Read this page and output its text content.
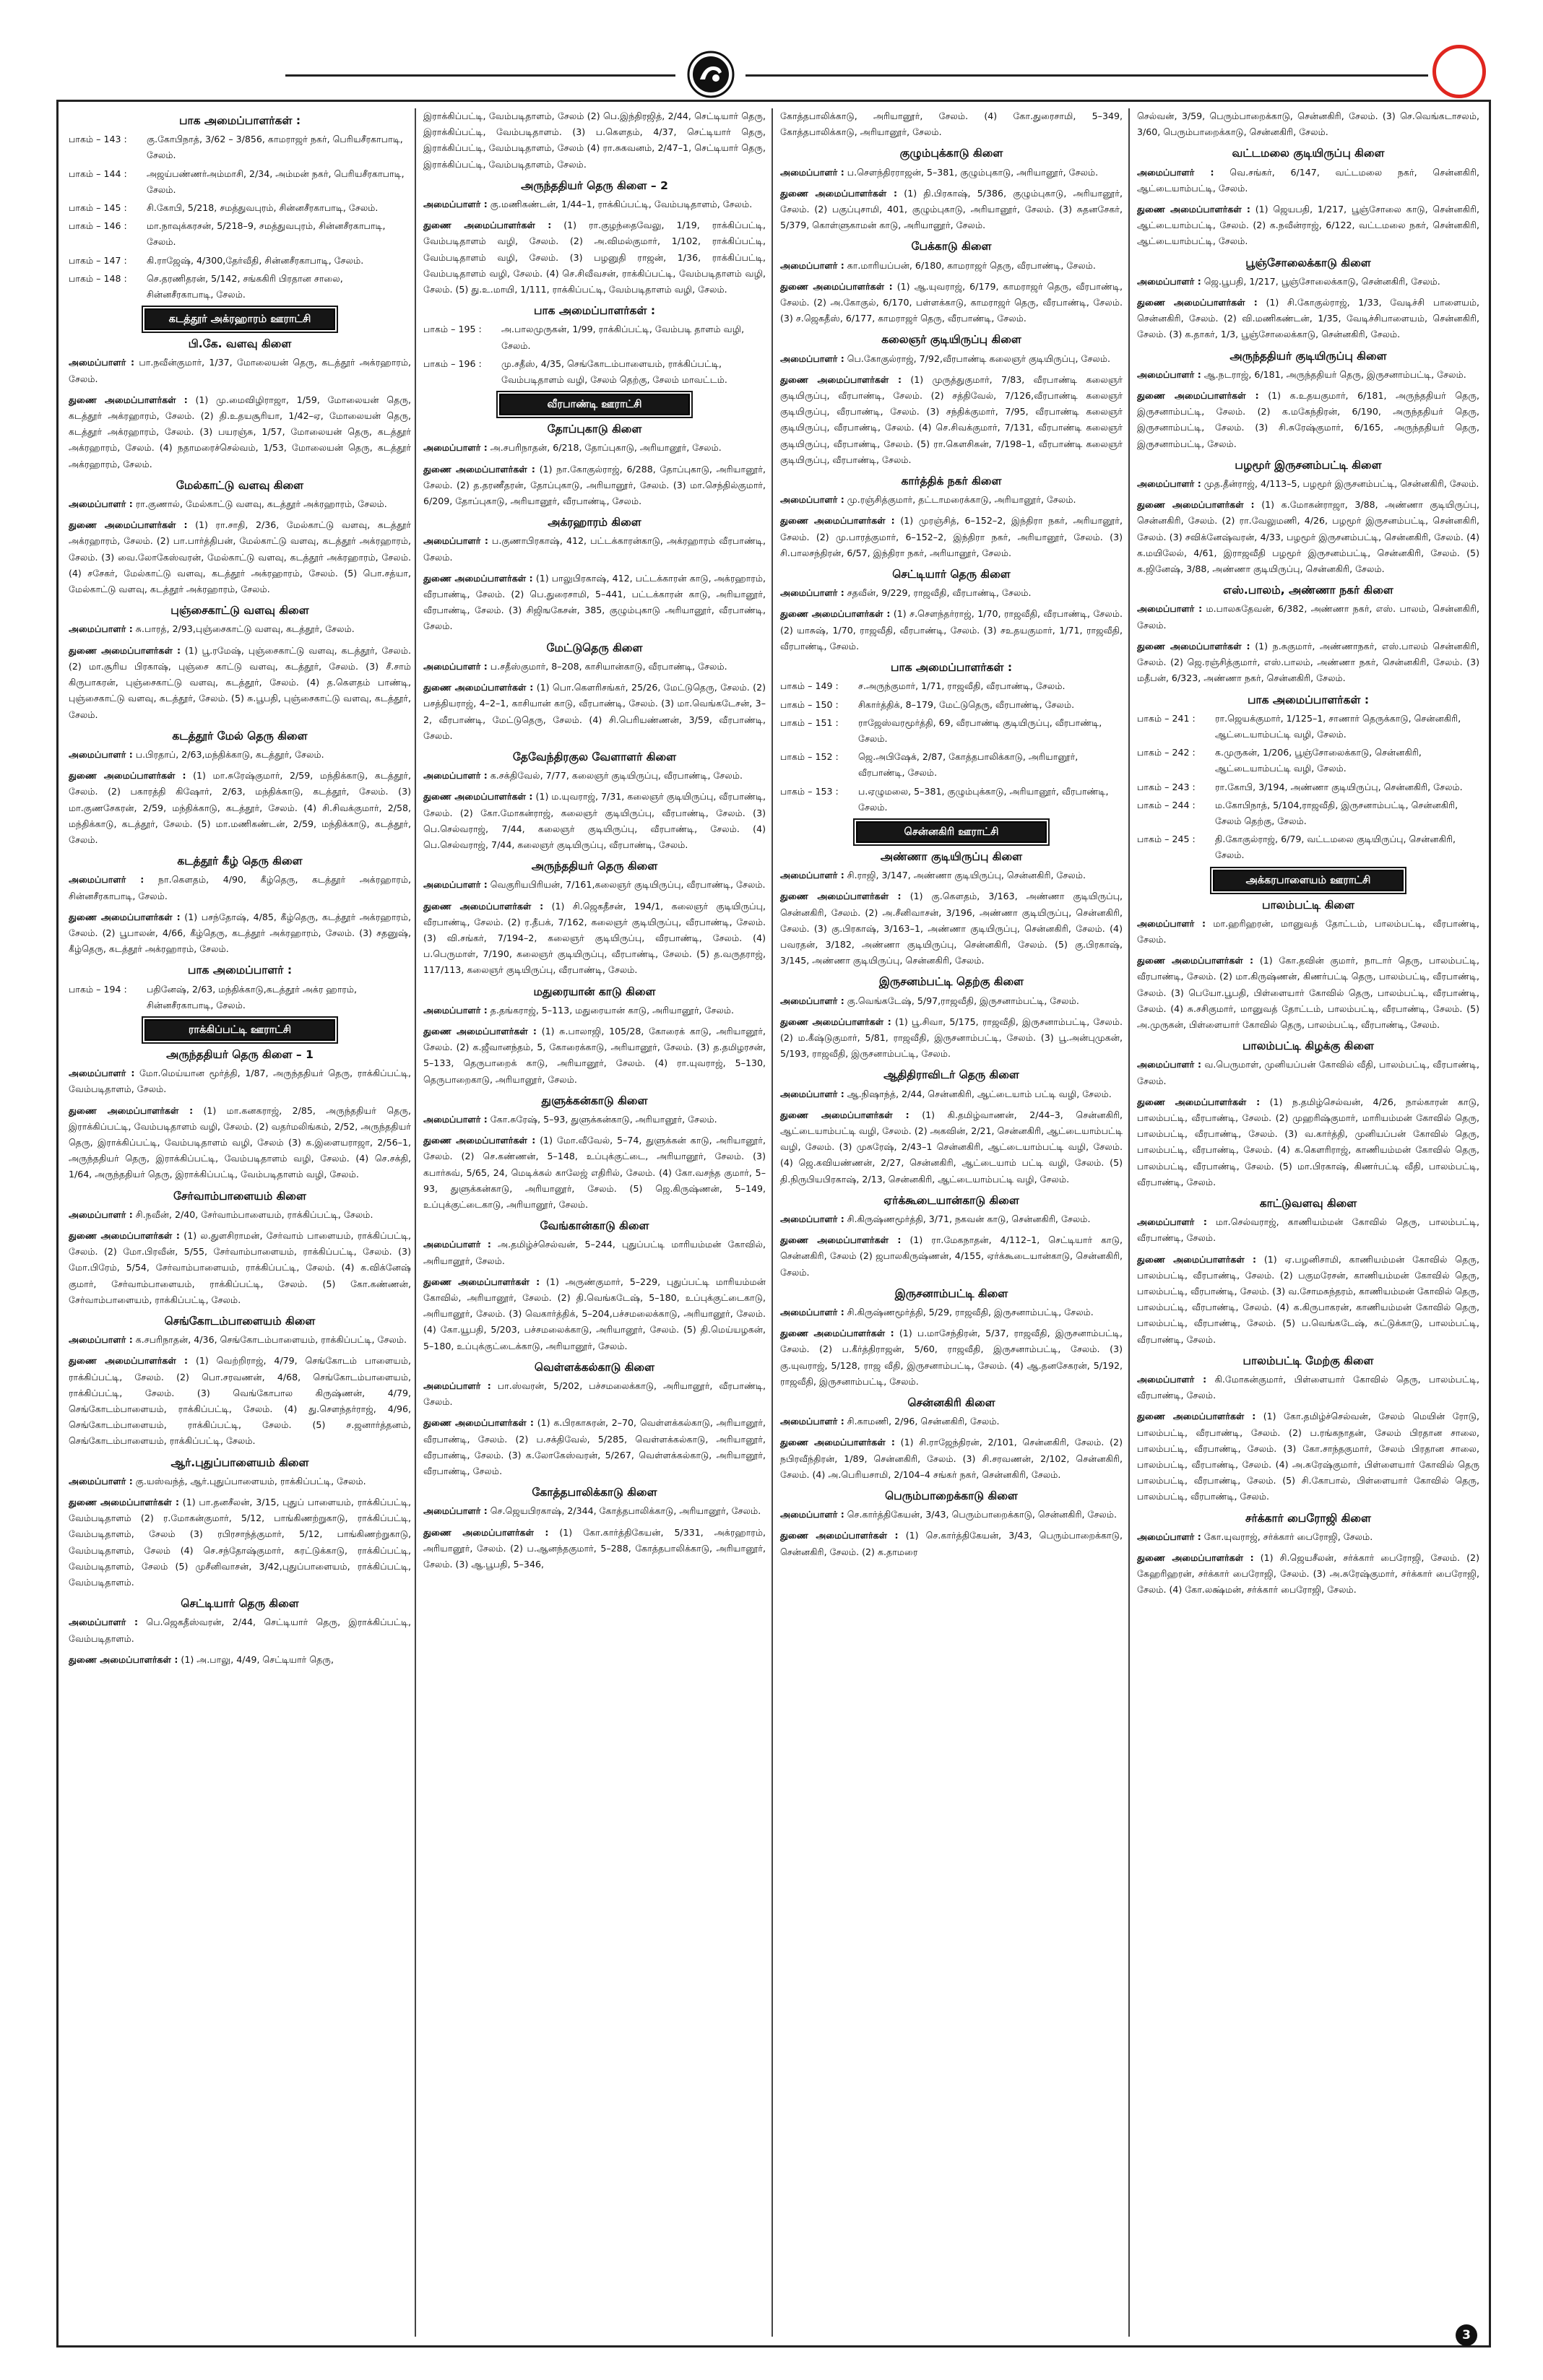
பாக அமைப்பாளர்கள் :
பாகம் – 143 :	கு.கோபிநாத், 3/62 – 3/856, காமராஜர் நகர், பெரியசீரகாபாடி, சேலம்.
பாகம் – 144 :	அஜய்பண்ணர்அம்மாசி, 2/34, அம்மன் நகர், பெரியசீரகாபாடி, சேலம்.
பாகம் – 145 :	சி.கோபி, 5/218, சமத்துவபுரம், சின்னசீரகாபாடி, சேலம்.
பாகம் – 146 :	மா.நாவுக்கரசன், 5/218–9, சமத்துவபுரம், சின்னசீரகாபாடி, சேலம்.
பாகம் – 147 :	கி.ராஜேஷ், 4/300,தேர்வீதி, சின்னசீரகாபாடி, சேலம்.
பாகம் – 148 :	செ.தரணிதரன், 5/142, சங்ககிரி பிரதான சாலை, சின்னசீரகாபாடி, சேலம்.
கடத்தூர் அக்ரஹாரம் ஊராட்சி
பி.கே. வளவு கிளை
அமைப்பாளர் : பா.நவீன்குமார், 1/37, மோலையன் தெரு, கடத்தூர் அக்ரஹாரம், சேலம்.
துணை அமைப்பாளர்கள் : (1) மு.மைவிழிராஜா, 1/59, மோலையன் தெரு, கடத்தூர் அக்ரஹாரம், சேலம். (2) தி.உதயசூரியா, 1/42–ஏ, மோலையன் தெரு, கடத்தூர் அக்ரஹாரம், சேலம். (3) பயரஞ்சு, 1/57, மோலையன் தெரு, கடத்தூர் அக்ரஹாரம், சேலம். (4) நதாமரைச்செல்வம், 1/53, மோலையன் தெரு, கடத்தூர் அக்ரஹாரம், சேலம்.
மேல்காட்டு வளவு கிளை
அமைப்பாளர் : ரா.குணால், மேல்காட்டு வளவு, கடத்தூர் அக்ரஹாரம், சேலம்.
துணை அமைப்பாளர்கள் : (1) ரா.சாதி, 2/36, மேல்காட்டு வளவு, கடத்தூர் அக்ரஹாரம், சேலம். (2) பா.பார்த்திபன், மேல்காட்டு வளவு, கடத்தூர் அக்ரஹாரம், சேலம். (3) வை.லோகேஸ்வரன், மேல்காட்டு வளவு, கடத்தூர் அக்ரஹாரம், சேலம். (4) சசேகர், மேல்காட்டு வளவு, கடத்தூர் அக்ரஹாரம், சேலம். (5) பொ.சத்யா, மேல்காட்டு வளவு, கடத்தூர் அக்ரஹாரம், சேலம்.
புஞ்சைகாட்டு வளவு கிளை
அமைப்பாளர் : சு.பாரத், 2/93,புஞ்சைகாட்டு வளவு, கடத்தூர், சேலம்.
துணை அமைப்பாளர்கள் : (1) பூ.ரமேஷ், புஞ்சைகாட்டு வளவு, கடத்தூர், சேலம். (2) மா.சூரிய பிரகாஷ், புஞ்சை காட்டு வளவு, கடத்தூர், சேலம். (3) சீ.சாம் கிருபாகரன், புஞ்சைகாட்டு வளவு, கடத்தூர், சேலம். (4) த.கௌதம் பாண்டி, புஞ்சைகாட்டு வளவு, கடத்தூர், சேலம். (5) சு.பூபதி, புஞ்சைகாட்டு வளவு, கடத்தூர், சேலம்.
கடத்தூர் மேல் தெரு கிளை
அமைப்பாளர் : ப.பிரதாப், 2/63,மந்திக்காடு, கடத்தூர், சேலம்.
துணை அமைப்பாளர்கள் : (1) மா.சுரேஷ்குமார், 2/59, மந்திக்காடு, கடத்தூர், சேலம். (2) பகாரத்தி கிஷோர், 2/63, மந்திக்காடு, கடத்தூர், சேலம். (3) மா.குணசேகரன், 2/59, மந்திக்காடு, கடத்தூர், சேலம். (4) சி.சிவக்குமார், 2/58, மந்திக்காடு, கடத்தூர், சேலம். (5) மா.மணிகண்டன், 2/59, மந்திக்காடு, கடத்தூர், சேலம்.
கடத்தூர் கீழ் தெரு கிளை
அமைப்பாளர் : நா.கௌதம், 4/90, கீழ்தெரு, கடத்தூர் அக்ரஹாரம், சின்னசீரகாபாடி, சேலம்.
துணை அமைப்பாளர்கள் : (1) பசந்தோஷ், 4/85, கீழ்தெரு, கடத்தூர் அக்ரஹாரம், சேலம். (2) பூபாலன், 4/66, கீழ்தெரு, கடத்தூர் அக்ரஹாரம், சேலம். (3) சதனுஷ், கீழ்தெரு, கடத்தூர் அக்ரஹாரம், சேலம்.
பாக அமைப்பாளர் :
பாகம் – 194 :	பதினேஷ், 2/63, மந்திக்காடு,கடத்தூர் அக்ர ஹாரம், சின்னசீரகாபாடி, சேலம்.
ராக்கிப்பட்டி ஊராட்சி
அருந்ததியர் தெரு கிளை – 1
அமைப்பாளர் : மோ.மெய்யான மூர்த்தி, 1/87, அருந்ததியர் தெரு, ராக்கிப்பட்டி, வேம்படிதாளம், சேலம்.
துணை அமைப்பாளர்கள் : (1) மா.கனகராஜ், 2/85, அருந்ததியர் தெரு, இராக்கிப்பட்டி, வேம்படிதாளம் வழி, சேலம். (2) வதர்மலிங்கம், 2/52, அருந்ததியர் தெரு, இராக்கிப்பட்டி, வேம்படிதாளம் வழி, சேலம் (3) க.இளையராஜா, 2/56–1, அருந்ததியர் தெரு, இராக்கிப்பட்டி, வேம்படிதாளம் வழி, சேலம். (4) செ.சக்தி, 1/64, அருந்ததியர் தெரு, இராக்கிப்பட்டி, வேம்படிதாளம் வழி, சேலம்.
சேர்வாம்பாளையம் கிளை
அமைப்பாளர் : சி.நவீன், 2/40, சேர்வாம்பாளையம், ராக்கிப்பட்டி, சேலம்.
துணை அமைப்பாளர்கள் : (1) ல.துளசிராமன், சேர்வாம் பாளையம், ராக்கிப்பட்டி, சேலம். (2) மோ.பிரவீன், 5/55, சேர்வாம்பாளையம், ராக்கிப்பட்டி, சேலம். (3) மோ.பிரேம், 5/54, சேர்வாம்பாளையம், ராக்கிப்பட்டி, சேலம். (4) க.விக்னேஷ் குமார், சேர்வாம்பாளையம், ராக்கிப்பட்டி, சேலம். (5) கோ.கண்ணன், சேர்வாம்பாளையம், ராக்கிப்பட்டி, சேலம்.
செங்கோடம்பாளையம் கிளை
அமைப்பாளர் : க.சபரிநாதன், 4/36, செங்கோடம்பாளையம், ராக்கிப்பட்டி, சேலம்.
துணை அமைப்பாளர்கள் : (1) வெற்றிராஜ், 4/79, செங்கோடம் பாளையம், ராக்கிப்பட்டி, சேலம். (2) பொ.சரவணன், 4/68, செங்கோடம்பாளையம், ராக்கிப்பட்டி, சேலம். (3) வெங்கோபால கிருஷ்ணன், 4/79, செங்கோடம்பாளையம், ராக்கிப்பட்டி, சேலம். (4) து.சௌந்தர்ராஜ், 4/96, செங்கோடம்பாளையம், ராக்கிப்பட்டி, சேலம். (5) ச.ஜனார்த்தனம், செங்கோடம்பாளையம், ராக்கிப்பட்டி, சேலம்.
ஆர்.புதுப்பாளையம் கிளை
அமைப்பாளர் : கு.யஸ்வந்த், ஆர்.புதுப்பாளையம், ராக்கிப்பட்டி, சேலம்.
துணை அமைப்பாளர்கள் : (1) பா.தனசீலன், 3/15, புதுப் பாளையம், ராக்கிப்பட்டி, வேம்படிதாளம் (2) ர.மோகன்குமார், 5/12, பாங்கிணற்றுகாடு, ராக்கிப்பட்டி, வேம்படிதாளம், சேலம் (3) ரபிரசாந்த்குமார், 5/12, பாங்கிணற்றுகாடு, வேம்படிதாளம், சேலம் (4) செ.சந்தோஷ்குமார், சுரட்டுக்காடு, ராக்கிப்பட்டி, வேம்படிதாளம், சேலம் (5) முசீனிவாசன், 3/42,புதுப்பாளையம், ராக்கிப்பட்டி, வேம்படிதாளம்.
செட்டியார் தெரு கிளை
அமைப்பாளர் : பெ.ஜெகதீஸ்வரன், 2/44, செட்டியார் தெரு, இராக்கிப்பட்டி, வேம்படிதாளம்.
துணை அமைப்பாளர்கள் : (1) அ.பாலு, 4/49, செட்டியார் தெரு,
இராக்கிப்பட்டி, வேம்படிதாளம், சேலம் (2) பெ.இந்திரஜித், 2/44, செட்டியார் தெரு, இராக்கிப்பட்டி, வேம்படிதாளம். (3) ப.கௌதம், 4/37, செட்டியார் தெரு, இராக்கிப்பட்டி, வேம்படிதாளம், சேலம் (4) ரா.சுகவனம், 2/47–1, செட்டியார் தெரு, இராக்கிப்பட்டி, வேம்படிதாளம், சேலம்.
அருந்ததியர் தெரு கிளை – 2
அமைப்பாளர் : கு.மணிகண்டன், 1/44–1, ராக்கிப்பட்டி, வேம்படிதாளம், சேலம்.
துணை அமைப்பாளர்கள் : (1) ரா.குழந்தைவேலு, 1/19, ராக்கிப்பட்டி, வேம்படிதாளம் வழி, சேலம். (2) அ.விமல்குமார், 1/102, ராக்கிப்பட்டி, வேம்படிதாளம் வழி, சேலம். (3) பழனுதி ராஜன், 1/36, ராக்கிப்பட்டி, வேம்படிதாளம் வழி, சேலம். (4) செ.சிவீவசன், ராக்கிப்பட்டி, வேம்படிதாளம் வழி, சேலம். (5) து.உ.மாயி, 1/111, ராக்கிப்பட்டி, வேம்படிதாளம் வழி, சேலம்.
பாக அமைப்பாளர்கள் :
பாகம் – 195 :	அ.பாலமுருகன், 1/99, ராக்கிப்பட்டி, வேம்படி தாளம் வழி, சேலம்.
பாகம் – 196 :	மு.சதீஸ், 4/35, செங்கோடம்பாளையம், ராக்கிப்பட்டி, வேம்படிதாளம் வழி, சேலம் தெற்கு, சேலம் மாவட்டம்.
வீரபாண்டி ஊராட்சி
தோப்புகாடு கிளை
அமைப்பாளர் : அ.சபரிநாதன், 6/218, தோப்புகாடு, அரியானூர், சேலம்.
துணை அமைப்பாளர்கள் : (1) நா.கோகுல்ராஜ், 6/288, தோப்புகாடு, அரியானூர், சேலம். (2) த.தரணீதரன், தோப்புகாடு, அரியானூர், சேலம். (3) மா.செந்தில்குமார், 6/209, தோப்புகாடு, அரியானூர், வீரபாண்டி, சேலம்.
அக்ரஹாரம் கிளை
அமைப்பாளர் : ப.குணாபிரகாஷ், 412, பட்டக்காரன்காடு, அக்ரஹாரம் வீரபாண்டி, சேலம்.
துணை அமைப்பாளர்கள் : (1) பாலுபிரகாஷ், 412, பட்டக்காரன் காடு, அக்ரஹாரம், வீரபாண்டி, சேலம். (2) பெ.துரைசாமி, 5–441, பட்டக்காரன் காடு, அரியானூர், வீரபாண்டி, சேலம். (3) சிஜிஙகேசன், 385, குழும்புகாடு அரியானூர், வீரபாண்டி, சேலம்.
மேட்டுதெரு கிளை
அமைப்பாளர் : ப.சதீஸ்குமார், 8–208, காசியான்காடு, வீரபாண்டி, சேலம்.
துணை அமைப்பாளர்கள் : (1) பொ.கௌரிசங்கர், 25/26, மேட்டுதெரு, சேலம். (2) பசத்தியராஜ், 4–2–1, காசியான் காடு, வீரபாண்டி, சேலம். (3) மா.வெங்கடேசன், 3–2, வீரபாண்டி, மேட்டுதெரு, சேலம். (4) சி.பெரியண்ணன், 3/59, வீரபாண்டி, சேலம்.
தேவேந்திரகுல வேளாளர் கிளை
அமைப்பாளர் : க.சக்திவேல், 7/77, கலைஞர் குடியிருப்பு, வீரபாண்டி, சேலம்.
துணை அமைப்பாளர்கள் : (1) ம.யுவராஜ், 7/31, கலைஞர் குடியிருப்பு, வீரபாண்டி, சேலம். (2) கோ.மோகன்ராஜ், கலைஞர் குடியிருப்பு, வீரபாண்டி, சேலம். (3) பெ.செல்வராஜ், 7/44, கலைஞர் குடியிருப்பு, வீரபாண்டி, சேலம். (4) பெ.செல்வராஜ், 7/44, கலைஞர் குடியிருப்பு, வீரபாண்டி, சேலம்.
அருந்ததியர் தெரு கிளை
அமைப்பாளர் : வெகுரியபிரியன், 7/161,கலைஞர் குடியிருப்பு, வீரபாண்டி, சேலம்.
துணை அமைப்பாளர்கள் : (1) சி.ஜெகதீசன், 194/1, கலைஞர் குடியிருப்பு, வீரபாண்டி, சேலம். (2) ர.தீபக், 7/162, கலைஞர் குடியிருப்பு, வீரபாண்டி, சேலம். (3) வி.சங்கர், 7/194–2, கலைஞர் குடியிருப்பு, வீரபாண்டி, சேலம். (4) ப.பெருமாள், 7/190, கலைஞர் குடியிருப்பு, வீரபாண்டி, சேலம். (5) த.வருதராஜ், 117/113, கலைஞர் குடியிருப்பு, வீரபாண்டி, சேலம்.
மதுரையான் காடு கிளை
அமைப்பாளர் : த.தங்கராஜ், 5–113, மதுரையான் காடு, அரியானூர், சேலம்.
துணை அமைப்பாளர்கள் : (1) சு.பாலாஜி, 105/28, கோரைக் காடு, அரியானூர், சேலம். (2) க.ஜீவானந்தம், 5, கோரைக்காடு, அரியானூர், சேலம். (3) த.தமிழரசன், 5–133, தெருபாறைக் காடு, அரியானூர், சேலம். (4) ரா.யுவராஜ், 5–130, தெருபாறைகாடு, அரியானூர், சேலம்.
துளுக்கன்காடு கிளை
அமைப்பாளர் : கோ.சுரேஷ், 5–93, துளுக்கன்காடு, அரியானூர், சேலம்.
துணை அமைப்பாளர்கள் : (1) மோ.வீவேல், 5–74, துளுக்கன் காடு, அரியானூர், சேலம். (2) செ.கண்ணன், 5–148, உப்புக்குட்டை, அரியானூர், சேலம். (3) கபார்சுவ், 5/65, 24, மெடிக்கல் காலேஜ் எதிரில், சேலம். (4) கோ.வசந்த குமார், 5–93, துளுக்கன்காடு, அரியானூர், சேலம். (5) ஜெ.கிருஷ்ணன், 5–149, உப்புக்குட்டைகாடு, அரியானூர், சேலம்.
வேங்கான்காடு கிளை
அமைப்பாளர் : அ.தமிழ்ச்செல்வன், 5–244, புதுப்பட்டி மாரியம்மன் கோவில், அரியானூர், சேலம்.
துணை அமைப்பாளர்கள் : (1) அருண்குமார், 5–229, புதுப்பட்டி மாரியம்மன் கோவில், அரியானூர், சேலம். (2) தி.வெங்கடேஷ், 5–180, உப்புக்குட்டைகாடு, அரியானூர், சேலம். (3) வெகார்த்திக், 5–204,பச்சமலைக்காடு, அரியானூர், சேலம். (4) கோ.யூபதி, 5/203, பச்சமலைக்காடு, அரியானூர், சேலம். (5) தி.மெய்யழகன், 5–180, உப்புக்குட்டைக்காடு, அரியானூர், சேலம்.
வெள்ளக்கல்காடு கிளை
அமைப்பாளர் : பா.ஸ்வரன், 5/202, பச்சமலைக்காடு, அரியானூர், வீரபாண்டி, சேலம்.
துணை அமைப்பாளர்கள் : (1) க.பிரகாசுரன், 2–70, வெள்ளக்கல்காடு, அரியானூர், வீரபாண்டி, சேலம். (2) ப.சக்திவேல், 5/285, வெள்ளக்கல்காடு, அரியானூர், வீரபாண்டி, சேலம். (3) க.லோகேஸ்வரன், 5/267, வெள்ளக்கல்காடு, அரியானூர், வீரபாண்டி, சேலம்.
கோத்தபாலிக்காடு கிளை
அமைப்பாளர் : செ.ஜெயபிரகாஷ், 2/344, கோத்தபாலிக்காடு, அரியானூர், சேலம்.
துணை அமைப்பாளர்கள் : (1) கோ.கார்த்திகேயன், 5/331, அக்ரஹாரம், அரியானூர், சேலம். (2) ப.ஆனந்தகுமார், 5–288, கோத்தபாலிக்காடு, அரியானூர், சேலம். (3) ஆ.பூபதி, 5–346,
கோத்தபாலிக்காடு, அரியானூர், சேலம். (4) கோ.துரைசாமி, 5–349, கோத்தபாலிக்காடு, அரியானூர், சேலம்.
குழும்புக்காடு கிளை
அமைப்பாளர் : ப.சௌந்திரராஜன், 5–381, குழும்புகாடு, அரியானூர், சேலம்.
துணை அமைப்பாளர்கள் : (1) தி.பிரகாஷ், 5/386, குழும்புகாடு, அரியானூர், சேலம். (2) பகுப்புசாமி, 401, குழும்புகாடு, அரியானூர், சேலம். (3) சுதனசேகர், 5/379, கொள்ளுகாமன் காடு, அரியானூர், சேலம்.
பேக்காடு கிளை
அமைப்பாளர் : கா.மாரியப்பன், 6/180, காமராஜர் தெரு, வீரபாண்டி, சேலம்.
துணை அமைப்பாளர்கள் : (1) ஆ.யுவராஜ், 6/179, காமராஜர் தெரு, வீரபாண்டி, சேலம். (2) அ.கோகுல், 6/170, பள்ளக்காடு, காமராஜர் தெரு, வீரபாண்டி, சேலம். (3) ச.ஜெகதீஸ், 6/177, காமராஜர் தெரு, வீரபாண்டி, சேலம்.
கலைஞர் குடியிருப்பு கிளை
அமைப்பாளர் : பெ.கோகுல்ராஜ், 7/92,வீரபாண்டி கலைஞர் குடியிருப்பு, சேலம்.
துணை அமைப்பாளர்கள் : (1) முருத்துகுமார், 7/83, வீரபாண்டி கலைஞர் குடியிருப்பு, வீரபாண்டி, சேலம். (2) சத்திவேல், 7/126,வீரபாண்டி கலைஞர் குடியிருப்பு, வீரபாண்டி, சேலம். (3) சந்திக்குமார், 7/95, வீரபாண்டி கலைஞர் குடியிருப்பு, வீரபாண்டி, சேலம். (4) செ.சிவக்குமார், 7/131, வீரபாண்டி கலைஞர் குடியிருப்பு, வீரபாண்டி, சேலம். (5) ரா.கௌசிகன், 7/198–1, வீரபாண்டி கலைஞர் குடியிருப்பு, வீரபாண்டி, சேலம்.
கார்த்திக் நகர் கிளை
அமைப்பாளர் : மு.ரஞ்சித்குமார், தட்டாமரைக்காடு, அரியானூர், சேலம்.
துணை அமைப்பாளர்கள் : (1) முரஞ்சித், 6–152–2, இந்திரா நகர், அரியானூர், சேலம். (2) மு.பாரத்குமார், 6–152–2, இந்திரா நகர், அரியானூர், சேலம். (3) சி.பாலசந்திரன், 6/57, இந்திரா நகர், அரியானூர், சேலம்.
செட்டியார் தெரு கிளை
அமைப்பாளர் : சதவீன், 9/229, ராஜவீதி, வீரபாண்டி, சேலம்.
துணை அமைப்பாளர்கள் : (1) ச.சௌந்தர்ராஜ், 1/70, ராஜவீதி, வீரபாண்டி, சேலம். (2) யாசுஷ், 1/70, ராஜவீதி, வீரபாண்டி, சேலம். (3) சஉதயகுமார், 1/71, ராஜவீதி, வீரபாண்டி, சேலம்.
பாக அமைப்பாளர்கள் :
பாகம் – 149 :	ச.அருந்குமார், 1/71, ராஜவீதி, வீரபாண்டி, சேலம்.
பாகம் – 150 :	சிகார்த்திக், 8–179, மேட்டுதெரு, வீரபாண்டி, சேலம்.
பாகம் – 151 :	ராஜேஸ்வரமூர்த்தி, 69, வீரபாண்டி குடியிருப்பு, வீரபாண்டி, சேலம்.
பாகம் – 152 :	ஜெ.அபிஷேக், 2/87, கோத்தபாலிக்காடு, அரியானூர், வீரபாண்டி, சேலம்.
பாகம் – 153 :	ப.ஏழுமலை, 5–381, குழும்புக்காடு, அரியானூர், வீரபாண்டி, சேலம்.
சென்னகிரி ஊராட்சி
அண்ணா குடியிருப்பு கிளை
அமைப்பாளர் : சி.ராஜி, 3/147, அண்ணா குடியிருப்பு, சென்னகிரி, சேலம்.
துணை அமைப்பாளர்கள் : (1) கு.கௌதம், 3/163, அண்ணா குடியிருப்பு, சென்னகிரி, சேலம். (2) அ.சீனிவாசன், 3/196, அண்ணா குடியிருப்பு, சென்னகிரி, சேலம். (3) கு.பிரகாஷ், 3/163–1, அண்ணா குடியிருப்பு, சென்னகிரி, சேலம். (4) பவரதன், 3/182, அண்ணா குடியிருப்பு, சென்னகிரி, சேலம். (5) கு.பிரகாஷ், 3/145, அண்ணா குடியிருப்பு, சென்னகிரி, சேலம்.
இருசனம்பட்டி தெற்கு கிளை
அமைப்பாளர் : கு.வெங்கடேஷ், 5/97,ராஜவீதி, இருசனாம்பட்டி, சேலம்.
துணை அமைப்பாளர்கள் : (1) பூ.சிவா, 5/175, ராஜவீதி, இருசனாம்பட்டி, சேலம். (2) ம.கீஷ்டுகுமார், 5/81, ராஜவீதி, இருசனாம்பட்டி, சேலம். (3) பூ.அன்புமுகன், 5/193, ராஜவீதி, இருசனாம்பட்டி, சேலம்.
ஆதிதிராவிடர் தெரு கிளை
அமைப்பாளர் : ஆ.நிஷாந்த், 2/44, சென்னகிரி, ஆட்டையாம் பட்டி வழி, சேலம்.
துணை அமைப்பாளர்கள் : (1) கி.தமிழ்வாணன், 2/44–3, சென்னகிரி, ஆட்டையாம்பட்டி வழி, சேலம். (2) அகவின், 2/21, சென்னகிரி, ஆட்டையாம்பட்டி வழி, சேலம். (3) முசுரேஷ், 2/43–1 சென்னகிரி, ஆட்டையாம்பட்டி வழி, சேலம். (4) ஜெ.கவியண்ணன், 2/27, சென்னகிரி, ஆட்டையாம் பட்டி வழி, சேலம். (5) தி.நிருபியபிரகாஷ், 2/13, சென்னகிரி, ஆட்டையாம்பட்டி வழி, சேலம்.
ஏர்க்கூடையான்காடு கிளை
அமைப்பாளர் : சி.கிருஷ்ணமூர்த்தி, 3/71, நகவன் காடு, சென்னகிரி, சேலம்.
துணை அமைப்பாளர்கள் : (1) ரா.மேகநாதன், 4/112–1, செட்டியார் காடு, சென்னகிரி, சேலம் (2) ஜபாலகிருஷ்ணன், 4/155, ஏர்க்கூடையான்காடு, சென்னகிரி, சேலம்.
இருசனாம்பட்டி கிளை
அமைப்பாளர் : சி.கிருஷ்ணமூர்த்தி, 5/29, ராஜவீதி, இருசனாம்பட்டி, சேலம்.
துணை அமைப்பாளர்கள் : (1) ப.மாசேந்திரன், 5/37, ராஜவீதி, இருசனாம்பட்டி, சேலம். (2) ப.கீர்த்திராஜன், 5/60, ராஜவீதி, இருசனாம்பட்டி, சேலம். (3) கு.யுவராஜ், 5/128, ராஜ வீதி, இருசனாம்பட்டி, சேலம். (4) ஆ.தனசேகரன், 5/192, ராஜவீதி, இருசனாம்பட்டி, சேலம்.
சென்னகிரி கிளை
அமைப்பாளர் : சி.காமணி, 2/96, சென்னகிரி, சேலம்.
துணை அமைப்பாளர்கள் : (1) சி.ராஜேந்திரன், 2/101, சென்னகிரி, சேலம். (2) நபிரவீந்திரன், 1/89, சென்னகிரி, சேலம். (3) சி.சரவணன், 2/102, சென்னகிரி, சேலம். (4) அ.பெரியசாமி, 2/104–4 சங்கர் நகர், சென்னகிரி, சேலம்.
பெரும்பாறைக்காடு கிளை
அமைப்பாளர் : செ.கார்த்திகேயன், 3/43, பெரும்பாறைக்காடு, சென்னகிரி, சேலம்.
துணை அமைப்பாளர்கள் : (1) செ.கார்த்திகேயன், 3/43, பெரும்பாறைக்காடு, சென்னகிரி, சேலம். (2) க.தாமரை
செல்வன், 3/59, பெரும்பாறைக்காடு, சென்னகிரி, சேலம். (3) செ.வெங்கடாசலம், 3/60, பெரும்பாறைக்காடு, சென்னகிரி, சேலம்.
வட்டமலை குடியிருப்பு கிளை
அமைப்பாளர் : வெ.சங்கர், 6/147, வட்டமலை நகர், சென்னகிரி, ஆட்டையாம்பட்டி, சேலம்.
துணை அமைப்பாளர்கள் : (1) ஜெயபதி, 1/217, பூஞ்சோலை காடு, சென்னகிரி, ஆட்டையாம்பட்டி, சேலம். (2) க.நவீன்ராஜ், 6/122, வட்டமலை நகர், சென்னகிரி, ஆட்டையாம்பட்டி, சேலம்.
பூஞ்சோலைக்காடு கிளை
அமைப்பாளர் : ஜெ.பூபதி, 1/217, பூஞ்சோலைக்காடு, சென்னகிரி, சேலம்.
துணை அமைப்பாளர்கள் : (1) சி.கோகுல்ராஜ், 1/33, வேடிச்சி பாளையம், சென்னகிரி, சேலம். (2) வி.மணிகண்டன், 1/35, வேடிச்சிபாளையம், சென்னகிரி, சேலம். (3) க.தாகர், 1/3, பூஞ்சோலைக்காடு, சென்னகிரி, சேலம்.
அருந்ததியர் குடியிருப்பு கிளை
அமைப்பாளர் : ஆ.நடராஜ், 6/181, அருந்ததியர் தெரு, இருசனாம்பட்டி, சேலம்.
துணை அமைப்பாளர்கள் : (1) க.உதயகுமார், 6/181, அருந்ததியர் தெரு, இருசனாம்பட்டி, சேலம். (2) க.மகேந்திரன், 6/190, அருந்ததியர் தெரு, இருசனாம்பட்டி, சேலம். (3) சி.சுரேஷ்குமார், 6/165, அருந்ததியர் தெரு, இருசனாம்பட்டி, சேலம்.
பழமூர் இருசனம்பட்டி கிளை
அமைப்பாளர் : முத.தீன்ராஜ், 4/113–5, பழமூர் இருசனம்பட்டி, சென்னகிரி, சேலம்.
துணை அமைப்பாளர்கள் : (1) க.மோகன்ராஜா, 3/88, அண்ணா குடியிருப்பு, சென்னகிரி, சேலம். (2) ரா.வேலுமணி, 4/26, பழமூர் இருசனம்பட்டி, சென்னகிரி, சேலம். (3) சவிக்னேஷ்வரன், 4/33, பழமூர் இருசனம்பட்டி, சென்னகிரி, சேலம். (4) க.மயிலேல், 4/61, இராஜவீதி பழமூர் இருசனம்பட்டி, சென்னகிரி, சேலம். (5) க.ஜினேஷ், 3/88, அண்ணா குடியிருப்பு, சென்னகிரி, சேலம்.
எஸ்.பாலம், அண்ணா நகர் கிளை
அமைப்பாளர் : ம.பாலசுதேவன், 6/382, அண்ணா நகர், எஸ். பாலம், சென்னகிரி, சேலம்.
துணை அமைப்பாளர்கள் : (1) ந.சுகுமார், அண்ணாநகர், எஸ்.பாலம் சென்னகிரி, சேலம். (2) ஜெ.ரஞ்சித்குமார், எஸ்.பாலம், அண்ணா நகர், சென்னகிரி, சேலம். (3) மதீபன், 6/323, அண்ணா நகர், சென்னகிரி, சேலம்.
பாக அமைப்பாளர்கள் :
பாகம் – 241 :	ரா.ஜெயக்குமார், 1/125–1, சாணார் தெருக்காடு, சென்னகிரி, ஆட்டையாம்பட்டி வழி, சேலம்.
பாகம் – 242 :	க.முருகன், 1/206, பூஞ்சோலைக்காடு, சென்னகிரி, ஆட்டையாம்பட்டி வழி, சேலம்.
பாகம் – 243 :	ரா.கோபி, 3/194, அண்ணா குடியிருப்பு, சென்னகிரி, சேலம்.
பாகம் – 244 :	ம.கோபிநாத், 5/104,ராஜவீதி, இருசனாம்பட்டி, சென்னகிரி, சேலம் தெற்கு, சேலம்.
பாகம் – 245 :	தி.கோகுல்ராஜ், 6/79, வட்டமலை குடியிருப்பு, சென்னகிரி, சேலம்.
அக்கரபாளையம் ஊராட்சி
பாலம்பட்டி கிளை
அமைப்பாளர் : மா.ஹரிஹரன், மானுவத் தோட்டம், பாலம்பட்டி, வீரபாண்டி, சேலம்.
துணை அமைப்பாளர்கள் : (1) கோ.தவின் குமார், நாடார் தெரு, பாலம்பட்டி, வீரபாண்டி, சேலம். (2) மா.கிருஷ்ணன், கிணர்பட்டி தெரு, பாலம்பட்டி, வீரபாண்டி, சேலம். (3) பெயோ.பூபதி, பிள்ளையார் கோவில் தெரு, பாலம்பட்டி, வீரபாண்டி, சேலம். (4) சு.சசிகுமார், மானுவத் தோட்டம், பாலம்பட்டி, வீரபாண்டி, சேலம். (5) அ.முருகன், பிள்ளையார் கோவில் தெரு, பாலம்பட்டி, வீரபாண்டி, சேலம்.
பாலம்பட்டி கிழக்கு கிளை
அமைப்பாளர் : வ.பெருமாள், முனியப்பன் கோவில் வீதி, பாலம்பட்டி, வீரபாண்டி, சேலம்.
துணை அமைப்பாளர்கள் : (1) ந.தமிழ்செல்வன், 4/26, நால்காரன் காடு, பாலம்பட்டி, வீரபாண்டி, சேலம். (2) முஹரிஷ்குமார், மாரியம்மன் கோவில் தெரு, பாலம்பட்டி, வீரபாண்டி, சேலம். (3) வ.கார்த்தி, முனியப்பன் கோவில் தெரு, பாலம்பட்டி, வீரபாண்டி, சேலம். (4) க.கௌரிராஜ், காணியம்மன் கோவில் தெரு, பாலம்பட்டி, வீரபாண்டி, சேலம். (5) மா.பிரகாஷ், கிணர்பட்டி வீதி, பாலம்பட்டி, வீரபாண்டி, சேலம்.
காட்டுவளவு கிளை
அமைப்பாளர் : மா.செல்வராஜ், காணியம்மன் கோவில் தெரு, பாலம்பட்டி, வீரபாண்டி, சேலம்.
துணை அமைப்பாளர்கள் : (1) ஏ.பழனிசாமி, காணியம்மன் கோவில் தெரு, பாலம்பட்டி, வீரபாண்டி, சேலம். (2) பகுமரேசன், காணியம்மன் கோவில் தெரு, பாலம்பட்டி, வீரபாண்டி, சேலம். (3) வ.சோமசுந்தரம், காணியம்மன் கோவில் தெரு, பாலம்பட்டி, வீரபாண்டி, சேலம். (4) க.கிருபாகரன், காணியம்மன் கோவில் தெரு, பாலம்பட்டி, வீரபாண்டி, சேலம். (5) ப.வெங்கடேஷ், சுட்டுக்காடு, பாலம்பட்டி, வீரபாண்டி, சேலம்.
பாலம்பட்டி மேற்கு கிளை
அமைப்பாளர் : கி.மோகன்குமார், பிள்ளையார் கோவில் தெரு, பாலம்பட்டி, வீரபாண்டி, சேலம்.
துணை அமைப்பாளர்கள் : (1) கோ.தமிழ்ச்செல்வன், சேலம் மெயின் ரோடு, பாலம்பட்டி, வீரபாண்டி, சேலம். (2) ப.ரங்கநாதன், சேலம் பிரதான சாலை, பாலம்பட்டி, வீரபாண்டி, சேலம். (3) கோ.சாந்தகுமார், சேலம் பிரதான சாலை, பாலம்பட்டி, வீரபாண்டி, சேலம். (4) அ.சுரேஷ்குமார், பிள்ளையார் கோவில் தெரு பாலம்பட்டி, வீரபாண்டி, சேலம். (5) சி.கோபால், பிள்ளையார் கோவில் தெரு, பாலம்பட்டி, வீரபாண்டி, சேலம்.
சர்க்கார் பைரோஜி கிளை
அமைப்பாளர் : கோ.யுவராஜ், சர்க்கார் பைரோஜி, சேலம்.
துணை அமைப்பாளர்கள் : (1) சி.ஜெயசீலன், சர்க்கார் பைரோஜி, சேலம். (2) கேஹரிஹரன், சர்க்கார் பைரோஜி, சேலம். (3) அ.சுரேஷ்குமார், சர்க்கார் பைரோஜி, சேலம். (4) கோ.லக்ஷ்மன், சர்க்கார் பைரோஜி, சேலம்.
3
